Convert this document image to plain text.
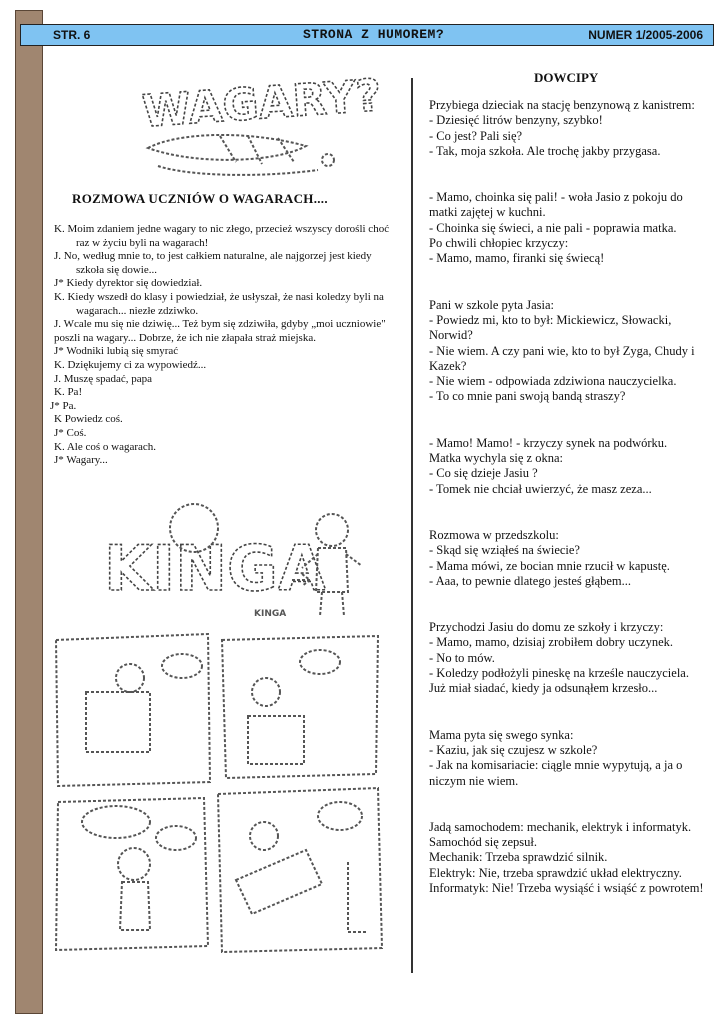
STR. 6	STRONA Z HUMOREM?	NUMER 1/2005-2006
WAGARY?
ROZMOWA UCZNIÓW O WAGARACH....
K. Moim zdaniem jedne wagary to nic złego, przecież wszyscy dorośli choć raz w życiu byli na wagarach!
J. No, według mnie to, to jest całkiem naturalne, ale najgorzej jest kiedy szkoła się dowie...
J* Kiedy dyrektor się dowiedział.
K. Kiedy wszedł do klasy i powiedział, że usłyszał, że nasi koledzy byli na wagarach... niezłe zdziwko.
J. Wcale mu się nie dziwię... Też bym się zdziwiła, gdyby „moi uczniowie" poszli na wagary... Dobrze, że ich nie złapała straż miejska.
J* Wodniki lubią się smyrać
K. Dziękujemy ci za wypowiedź...
J. Muszę spadać, papa
K. Pa!
J* Pa.
K Powiedz coś.
J* Coś.
K. Ale coś o wagarach.
J* Wagary...
KINGA
KINGA
DOWCIPY

Przybiega dzieciak na stację benzynową z kanistrem:

- Dziesięć litrów benzyny, szybko!

- Co jest? Pali się?

- Tak, moja szkoła. Ale trochę jakby przygasa.

- Mamo, choinka się pali! - woła Jasio z pokoju do matki zajętej w kuchni.

- Choinka się świeci, a nie pali - poprawia matka.

Po chwili chłopiec krzyczy:

- Mamo, mamo, firanki się świecą!

Pani w szkole pyta Jasia:

- Powiedz mi, kto to był: Mickiewicz, Słowacki, Norwid?

- Nie wiem. A czy pani wie, kto to był Zyga, Chudy i Kazek?

- Nie wiem - odpowiada zdziwiona nauczycielka.

- To co mnie pani swoją bandą straszy?

- Mamo! Mamo! - krzyczy synek na podwórku.

Matka wychyla się z okna:

- Co się dzieje Jasiu ?

- Tomek nie chciał uwierzyć, że masz zeza...

Rozmowa w przedszkolu:

- Skąd się wziąłeś na świecie?

- Mama mówi, ze bocian mnie rzucił w kapustę.

- Aaa, to pewnie dlatego jesteś głąbem...

Przychodzi Jasiu do domu ze szkoły i krzyczy:

- Mamo, mamo, dzisiaj zrobiłem dobry uczynek.

- No to mów.

- Koledzy podłożyli pineskę na krześle nauczyciela. Już miał siadać, kiedy ja odsunąłem krzesło...

Mama pyta się swego synka:

- Kaziu, jak się czujesz w szkole?

- Jak na komisariacie: ciągle mnie wypytują, a ja o niczym nie wiem.

Jadą samochodem: mechanik, elektryk i informatyk.

Samochód się zepsuł.

Mechanik: Trzeba sprawdzić silnik.

Elektryk: Nie, trzeba sprawdzić układ elektryczny.

Informatyk: Nie! Trzeba wysiąść i wsiąść z powrotem!
